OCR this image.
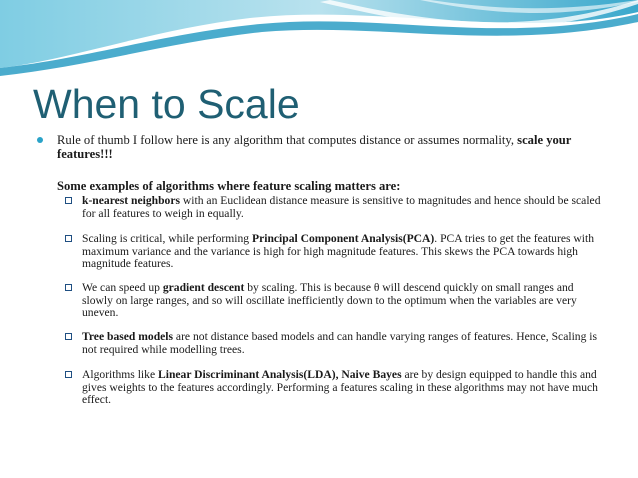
When to Scale
Rule of thumb I follow here is any algorithm that computes distance or assumes normality, scale your features!!!
Some examples of algorithms where feature scaling matters are:
k-nearest neighbors with an Euclidean distance measure is sensitive to magnitudes and hence should be scaled for all features to weigh in equally.
Scaling is critical, while performing Principal Component Analysis(PCA). PCA tries to get the features with maximum variance and the variance is high for high magnitude features. This skews the PCA towards high magnitude features.
We can speed up gradient descent by scaling. This is because θ will descend quickly on small ranges and slowly on large ranges, and so will oscillate inefficiently down to the optimum when the variables are very uneven.
Tree based models are not distance based models and can handle varying ranges of features. Hence, Scaling is not required while modelling trees.
Algorithms like Linear Discriminant Analysis(LDA), Naive Bayes are by design equipped to handle this and gives weights to the features accordingly. Performing a features scaling in these algorithms may not have much effect.
